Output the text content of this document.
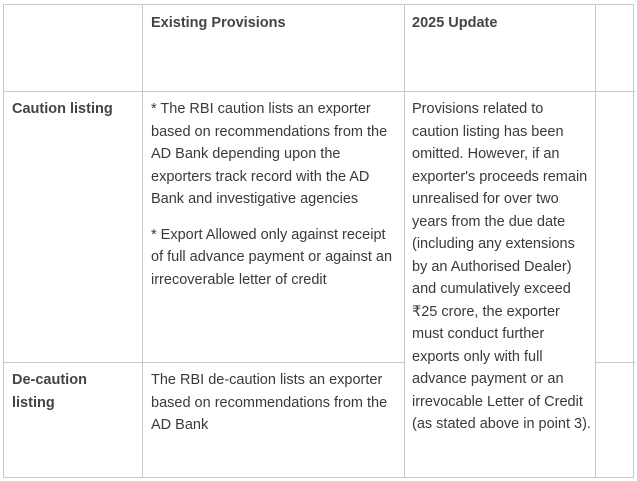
Existing Provisions	2025 Update
Caution listing	* The RBI caution lists an exporter based on recommendations from the AD Bank depending upon the exporters track record with the AD Bank and investigative agencies

* Export Allowed only against receipt of full advance payment or against an irrecoverable letter of credit

Provisions related to caution listing has been omitted. However, if an exporter's proceeds remain unrealised for over two years from the due date (including any extensions by an Authorised Dealer) and cumulatively exceed ₹25 crore, the exporter must conduct further exports only with full advance payment or an irrevocable Letter of Credit (as stated above in point 3).
De-caution listing

The RBI de-caution lists an exporter based on recommendations from the AD Bank
